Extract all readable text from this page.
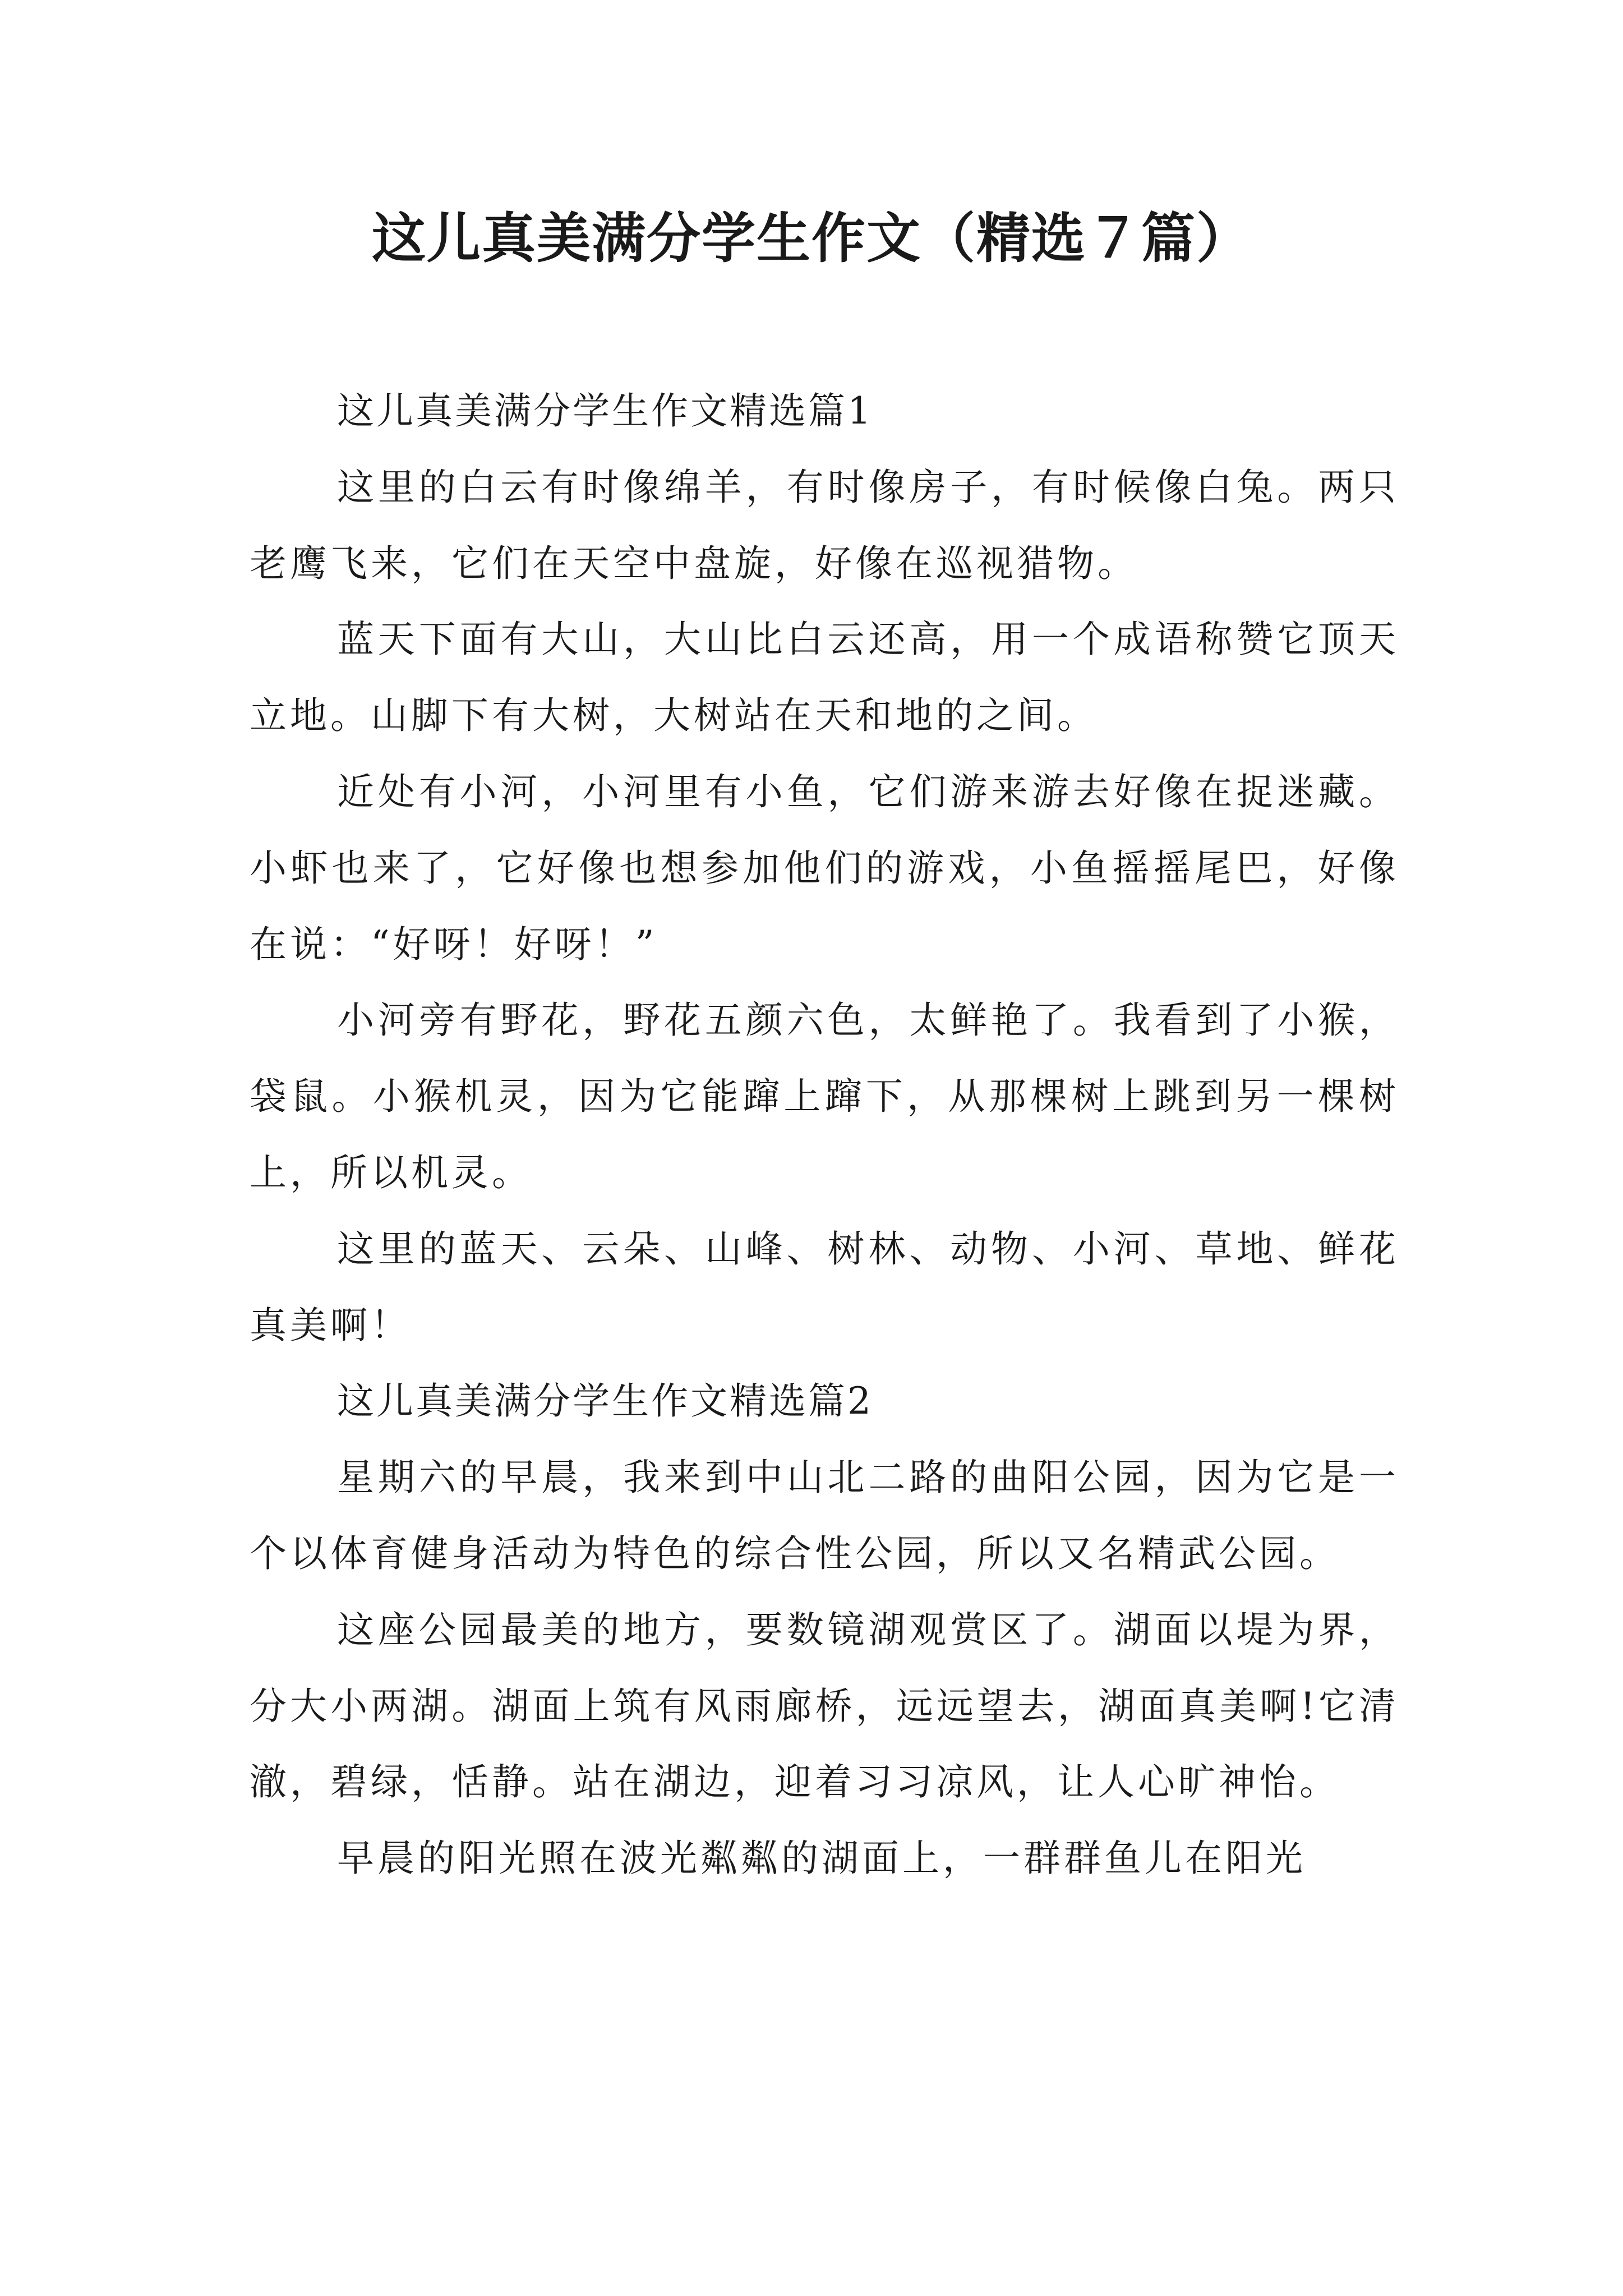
这儿真美满分学生作文（精选７篇）

这儿真美满分学生作文精选篇1

这里的白云有时像绵羊，有时像房子，有时候像白兔。两只老鹰飞来，它们在天空中盘旋，好像在巡视猎物。

蓝天下面有大山，大山比白云还高，用一个成语称赞它顶天立地。山脚下有大树，大树站在天和地的之间。

近处有小河，小河里有小鱼，它们游来游去好像在捉迷藏。小虾也来了，它好像也想参加他们的游戏，小鱼摇摇尾巴，好像在说：“好呀！好呀！”

小河旁有野花，野花五颜六色，太鲜艳了。我看到了小猴，袋鼠。小猴机灵，因为它能蹿上蹿下，从那棵树上跳到另一棵树上，所以机灵。

这里的蓝天、云朵、山峰、树林、动物、小河、草地、鲜花真美啊！

这儿真美满分学生作文精选篇2

星期六的早晨，我来到中山北二路的曲阳公园，因为它是一个以体育健身活动为特色的综合性公园，所以又名精武公园。

这座公园最美的地方，要数镜湖观赏区了。湖面以堤为界，分大小两湖。湖面上筑有风雨廊桥，远远望去，湖面真美啊!它清澈，碧绿，恬静。站在湖边，迎着习习凉风，让人心旷神怡。

早晨的阳光照在波光粼粼的湖面上，一群群鱼儿在阳光
